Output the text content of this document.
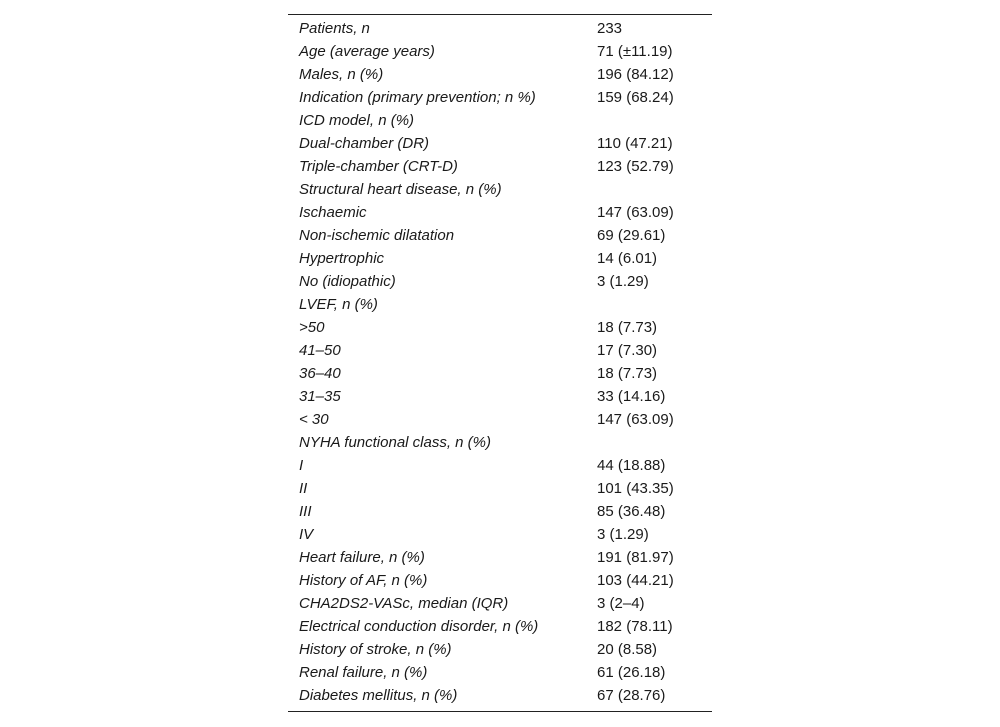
Patients, n	233
Age (average years)	71 (±11.19)
Males, n (%)	196 (84.12)
Indication (primary prevention; n %)	159 (68.24)
ICD model, n (%)	
Dual-chamber (DR)	110 (47.21)
Triple-chamber (CRT-D)	123 (52.79)
Structural heart disease, n (%)	
Ischaemic	147 (63.09)
Non-ischemic dilatation	69 (29.61)
Hypertrophic	14 (6.01)
No (idiopathic)	3 (1.29)
LVEF, n (%)	
>50	18 (7.73)
41–50	17 (7.30)
36–40	18 (7.73)
31–35	33 (14.16)
< 30	147 (63.09)
NYHA functional class, n (%)	
I	44 (18.88)
II	101 (43.35)
III	85 (36.48)
IV	3 (1.29)
Heart failure, n (%)	191 (81.97)
History of AF, n (%)	103 (44.21)
CHA2DS2-VASc, median (IQR)	3 (2–4)
Electrical conduction disorder, n (%)	182 (78.11)
History of stroke, n (%)	20 (8.58)
Renal failure, n (%)	61 (26.18)
Diabetes mellitus, n (%)	67 (28.76)
